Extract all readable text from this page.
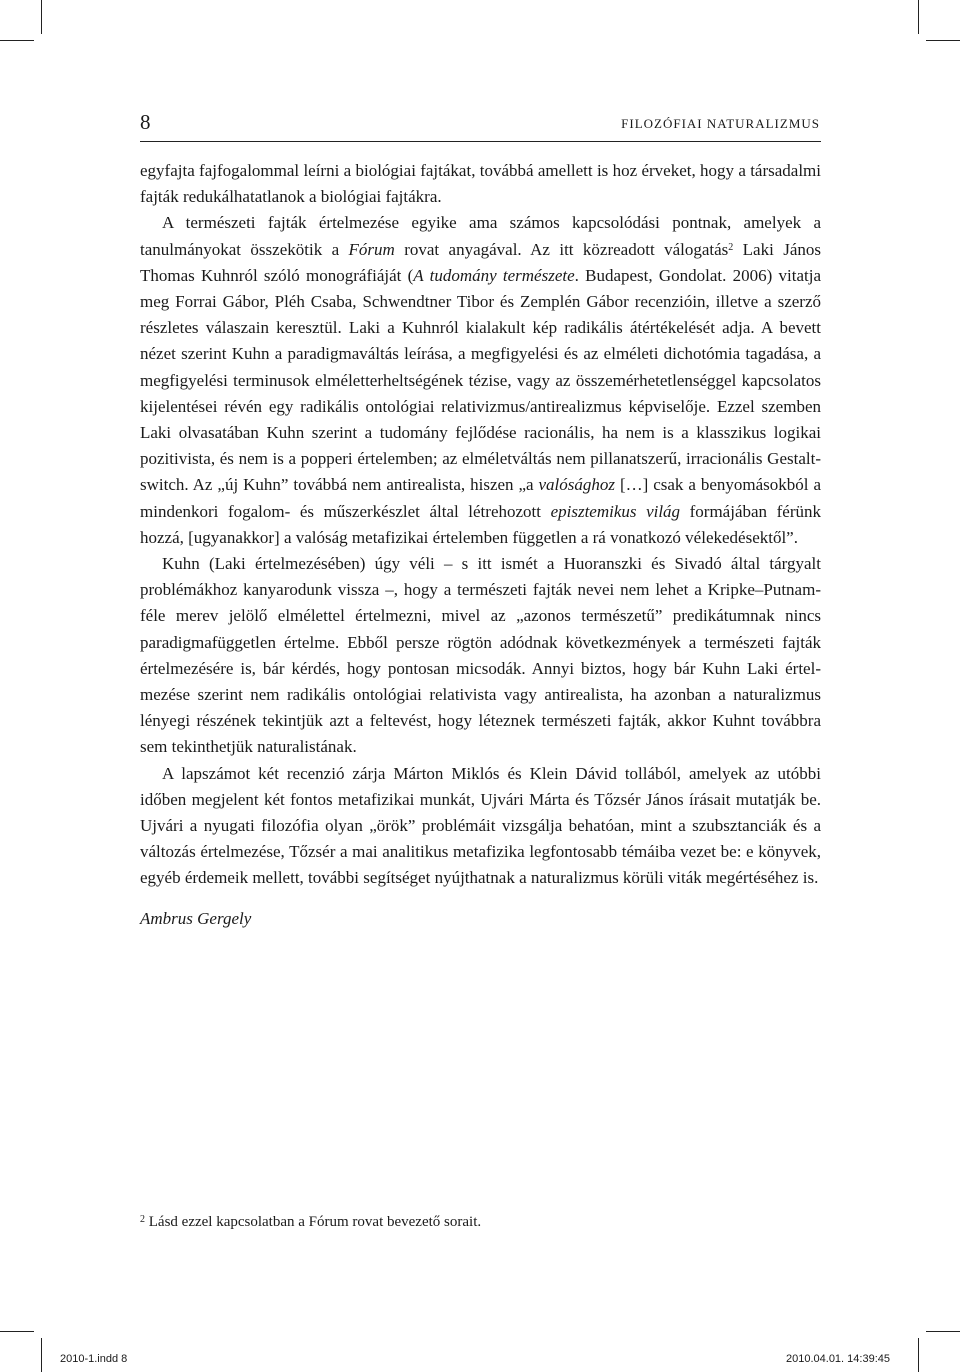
8	FILOZÓFIAI NATURALIZMUS

egyfajta fajfogalommal leírni a biológiai fajtákat, továbbá amellett is hoz érveket, hogy a társadalmi fajták redukálhatatlanok a biológiai fajtákra.

A természeti fajták értelmezése egyike ama számos kapcsolódási pontnak, amelyek a tanulmányokat összekötik a Fórum rovat anyagával. Az itt közreadott válogatás$^2$ Laki János Thomas Kuhnról szóló monográfiáját (A tudomány természete. Budapest, Gondolat. 2006) vitatja meg Forrai Gábor, Pléh Csaba, Schwendtner Tibor és Zemplén Gábor recenzióin, illetve a szerző részletes válaszain keresztül. Laki a Kuhnról kialakult kép radikális átértékelését adja. A bevett nézet szerint Kuhn a paradigmaváltás leírása, a megfigyelési és az elméleti dichotómia tagadása, a megfigyelési terminusok elméletterheltségének tézise, vagy az összemérhetetlenséggel kapcsolatos kijelentései révén egy radikális ontológiai relativizmus/antirealizmus képviselője. Ezzel szemben Laki olvasatában Kuhn szerint a tudomány fejlődése racionális, ha nem is a klasszikus logikai pozitivista, és nem is a popperi értelemben; az elméletváltás nem pillanatszerű, irracionális Gestalt-switch. Az „új Kuhn” továbbá nem antirealista, hiszen „a valósághoz […] csak a benyomásokból a mindenkori fogalom- és műszerkészlet által létrehozott episztemikus világ formájában férünk hozzá, [ugyanakkor] a valóság metafizikai értelemben független a rá vonatkozó vélekedésektől”.

Kuhn (Laki értelmezésében) úgy véli – s itt ismét a Huoranszki és Sivadó által tárgyalt problémákhoz kanyarodunk vissza –, hogy a természeti fajták nevei nem lehet a Kripke–Putnam-féle merev jelölő elmélettel értelmezni, mivel az „azonos természetű” predikátumnak nincs paradigmafüggetlen értelme. Ebből persze rögtön adódnak következmények a természeti fajták értelmezésére is, bár kérdés, hogy pontosan micsodák. Annyi biztos, hogy bár Kuhn Laki értelmezése szerint nem radikális ontológiai relativista vagy antirealista, ha azonban a naturalizmus lényegi részének tekintjük azt a feltevést, hogy léteznek természeti fajták, akkor Kuhnt továbbra sem tekinthetjük naturalistának.

A lapszámot két recenzió zárja Márton Miklós és Klein Dávid tollából, amelyek az utóbbi időben megjelent két fontos metafizikai munkát, Ujvári Márta és Tőzsér János írásait mutatják be. Ujvári a nyugati filozófia olyan „örök” problémáit vizsgálja behatóan, mint a szubsztanciák és a változás értelmezése, Tőzsér a mai analitikus metafizika legfontosabb témáiba vezet be: e könyvek, egyéb érdemeik mellett, további segítséget nyújthatnak a naturalizmus körüli viták megértéséhez is.

Ambrus Gergely

$^2$ Lásd ezzel kapcsolatban a Fórum rovat bevezető sorait.
2010-1.indd 8	2010.04.01. 14:39:45
